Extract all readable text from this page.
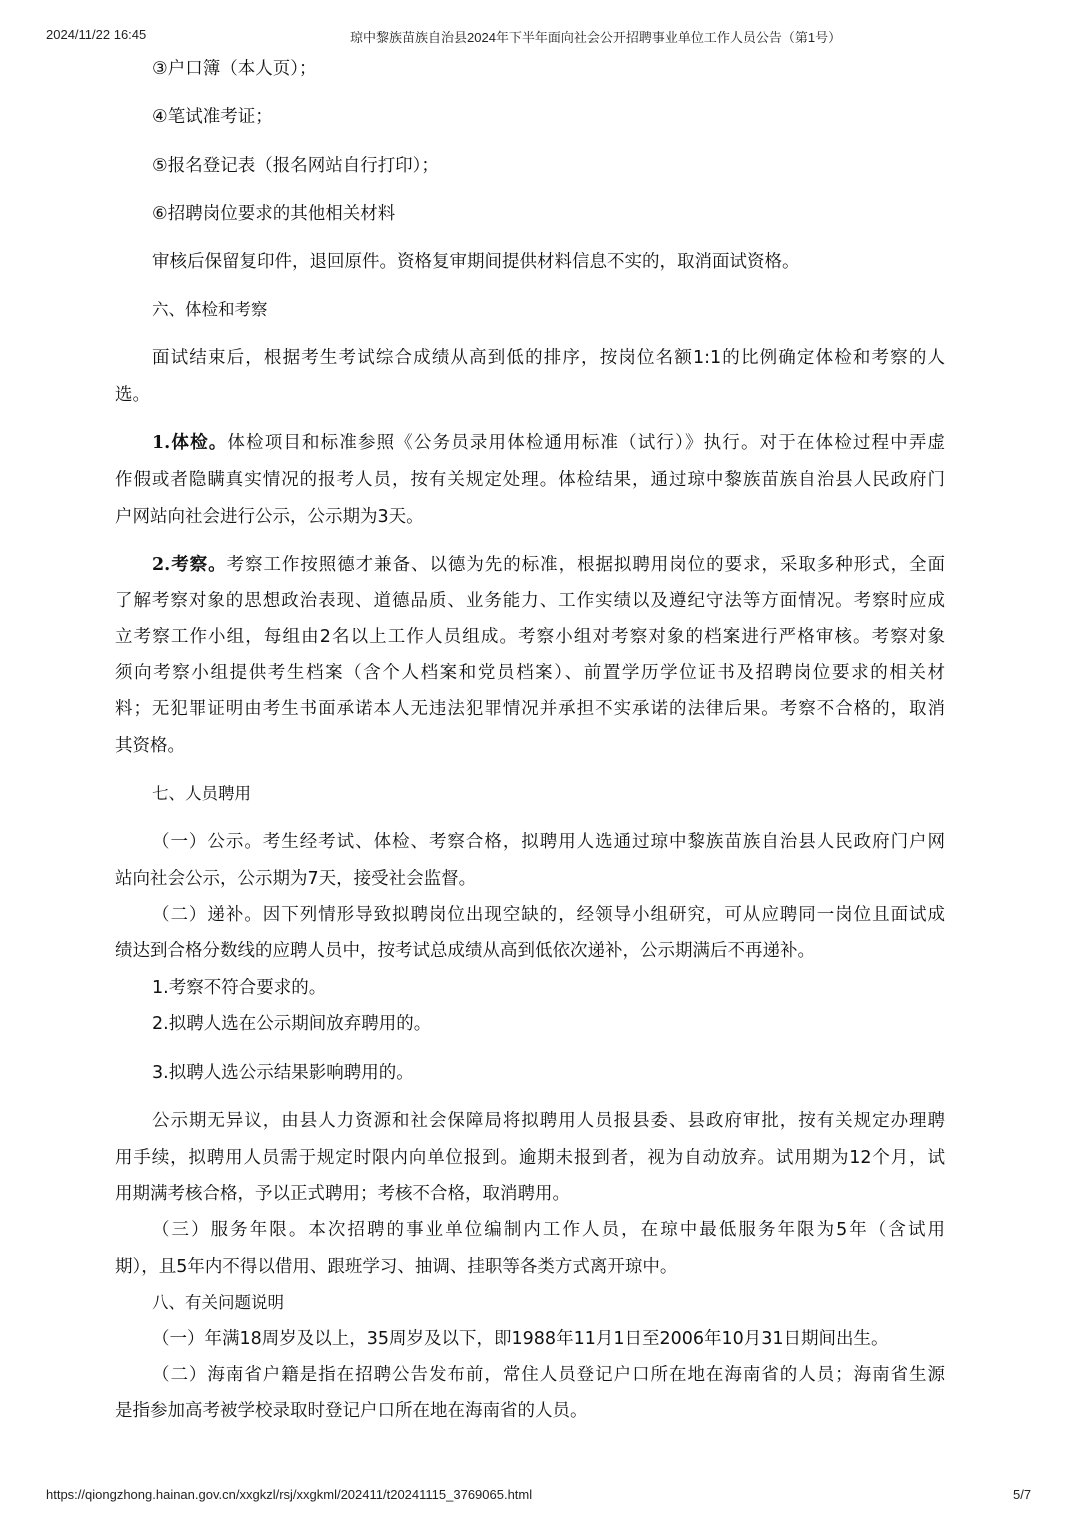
2024/11/22 16:45	琼中黎族苗族自治县2024年下半年面向社会公开招聘事业单位工作人员公告（第1号）
③户口簿（本人页）；
④笔试准考证；
⑤报名登记表（报名网站自行打印）；
⑥招聘岗位要求的其他相关材料
审核后保留复印件，退回原件。资格复审期间提供材料信息不实的，取消面试资格。
六、体检和考察
面试结束后，根据考生考试综合成绩从高到低的排序，按岗位名额1:1的比例确定体检和考察的人
选。
1.体检。体检项目和标准参照《公务员录用体检通用标准（试行）》执行。对于在体检过程中弄虚
作假或者隐瞒真实情况的报考人员，按有关规定处理。体检结果，通过琼中黎族苗族自治县人民政府门
户网站向社会进行公示，公示期为3天。
2.考察。考察工作按照德才兼备、以德为先的标准，根据拟聘用岗位的要求，采取多种形式，全面
了解考察对象的思想政治表现、道德品质、业务能力、工作实绩以及遵纪守法等方面情况。考察时应成
立考察工作小组，每组由2名以上工作人员组成。考察小组对考察对象的档案进行严格审核。考察对象
须向考察小组提供考生档案（含个人档案和党员档案）、前置学历学位证书及招聘岗位要求的相关材
料；无犯罪证明由考生书面承诺本人无违法犯罪情况并承担不实承诺的法律后果。考察不合格的，取消
其资格。
七、人员聘用
（一）公示。考生经考试、体检、考察合格，拟聘用人选通过琼中黎族苗族自治县人民政府门户网
站向社会公示，公示期为7天，接受社会监督。
（二）递补。因下列情形导致拟聘岗位出现空缺的，经领导小组研究，可从应聘同一岗位且面试成
绩达到合格分数线的应聘人员中，按考试总成绩从高到低依次递补，公示期满后不再递补。
1.考察不符合要求的。
2.拟聘人选在公示期间放弃聘用的。
3.拟聘人选公示结果影响聘用的。
公示期无异议，由县人力资源和社会保障局将拟聘用人员报县委、县政府审批，按有关规定办理聘
用手续，拟聘用人员需于规定时限内向单位报到。逾期未报到者，视为自动放弃。试用期为12个月，试
用期满考核合格，予以正式聘用；考核不合格，取消聘用。
（三）服务年限。本次招聘的事业单位编制内工作人员，在琼中最低服务年限为5年（含试用
期），且5年内不得以借用、跟班学习、抽调、挂职等各类方式离开琼中。
八、有关问题说明
（一）年满18周岁及以上，35周岁及以下，即1988年11月1日至2006年10月31日期间出生。
（二）海南省户籍是指在招聘公告发布前，常住人员登记户口所在地在海南省的人员；海南省生源
是指参加高考被学校录取时登记户口所在地在海南省的人员。
https://qiongzhong.hainan.gov.cn/xxgkzl/rsj/xxgkml/202411/t20241115_3769065.html	5/7
